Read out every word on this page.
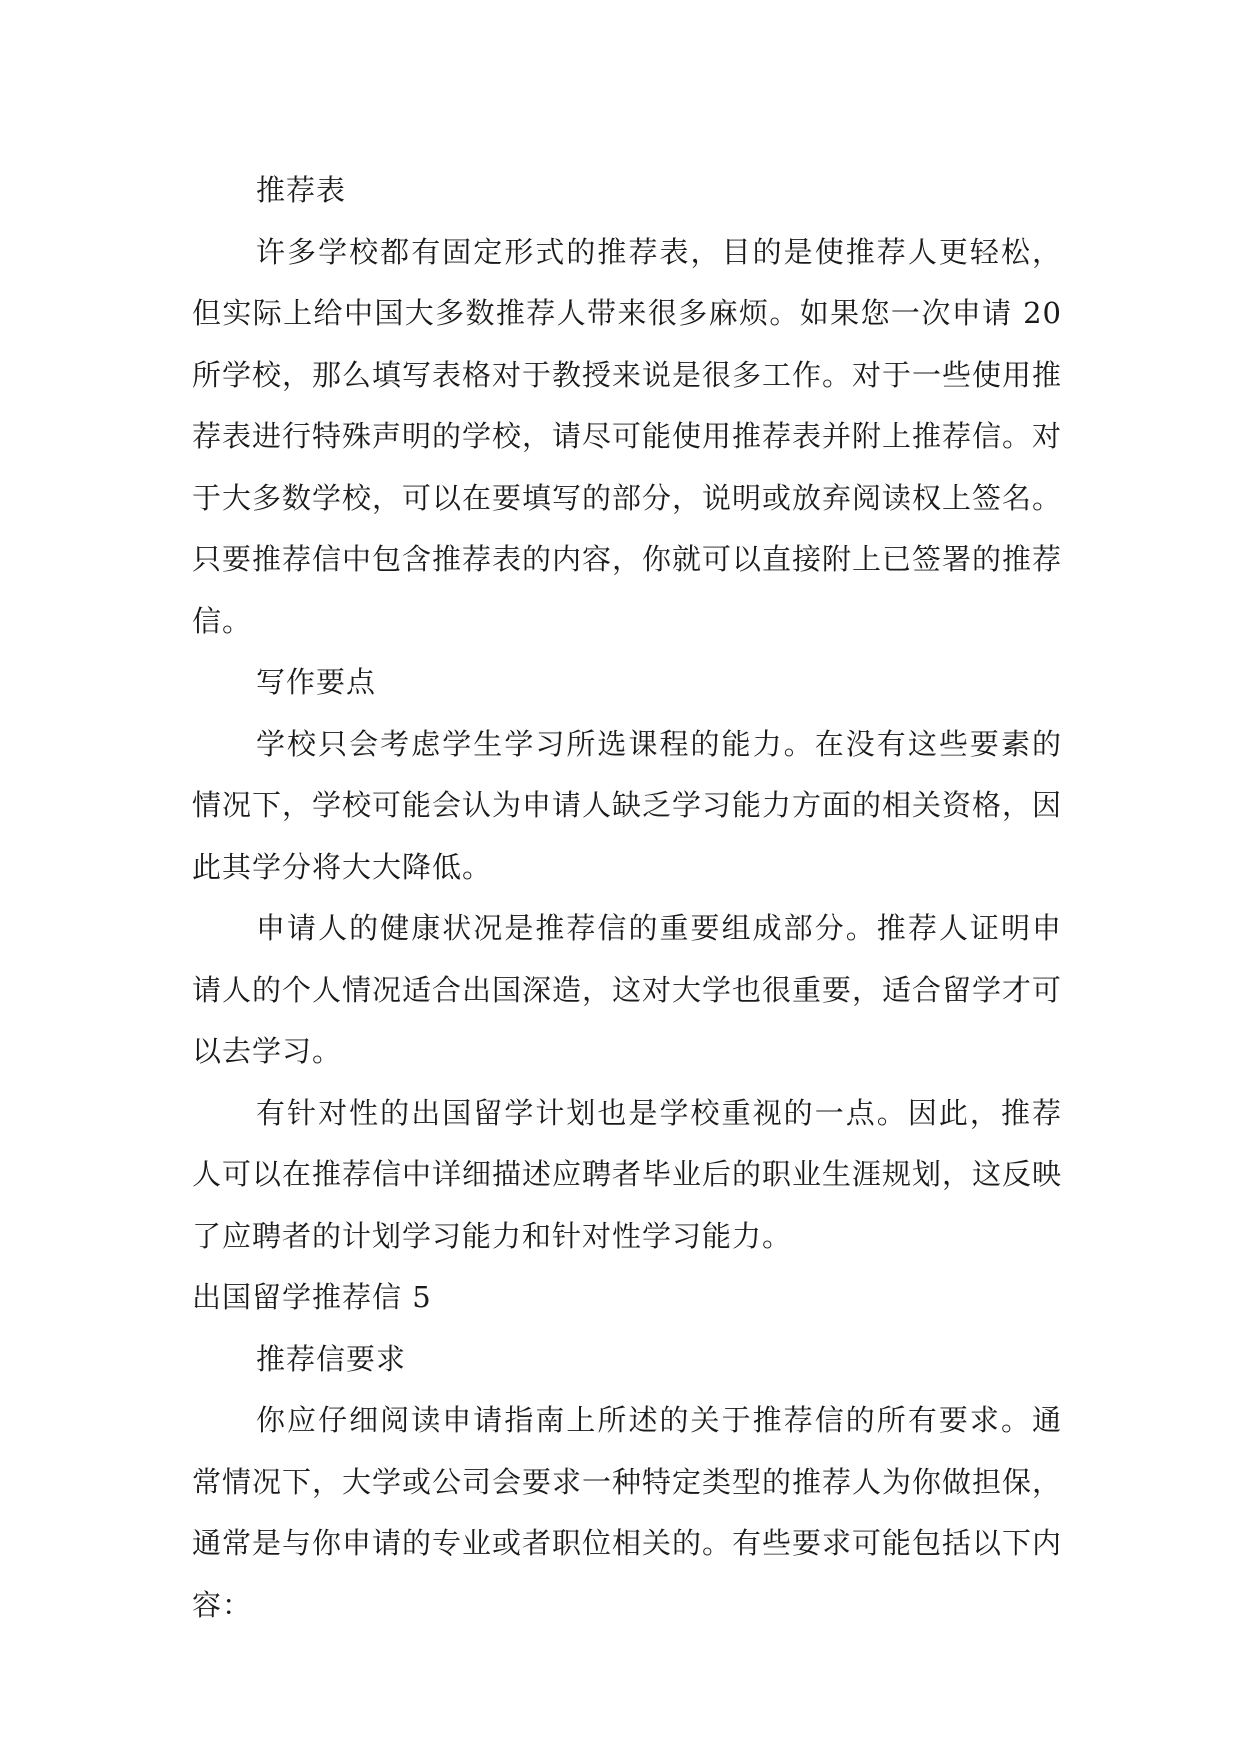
推荐表

许多学校都有固定形式的推荐表，目的是使推荐人更轻松，但实际上给中国大多数推荐人带来很多麻烦。如果您一次申请 20 所学校，那么填写表格对于教授来说是很多工作。对于一些使用推荐表进行特殊声明的学校，请尽可能使用推荐表并附上推荐信。对于大多数学校，可以在要填写的部分，说明或放弃阅读权上签名。只要推荐信中包含推荐表的内容，你就可以直接附上已签署的推荐信。

写作要点

学校只会考虑学生学习所选课程的能力。在没有这些要素的情况下，学校可能会认为申请人缺乏学习能力方面的相关资格，因此其学分将大大降低。

申请人的健康状况是推荐信的重要组成部分。推荐人证明申请人的个人情况适合出国深造，这对大学也很重要，适合留学才可以去学习。

有针对性的出国留学计划也是学校重视的一点。因此，推荐人可以在推荐信中详细描述应聘者毕业后的职业生涯规划，这反映了应聘者的计划学习能力和针对性学习能力。

出国留学推荐信 5

推荐信要求

你应仔细阅读申请指南上所述的关于推荐信的所有要求。通常情况下，大学或公司会要求一种特定类型的推荐人为你做担保，通常是与你申请的专业或者职位相关的。有些要求可能包括以下内容：
